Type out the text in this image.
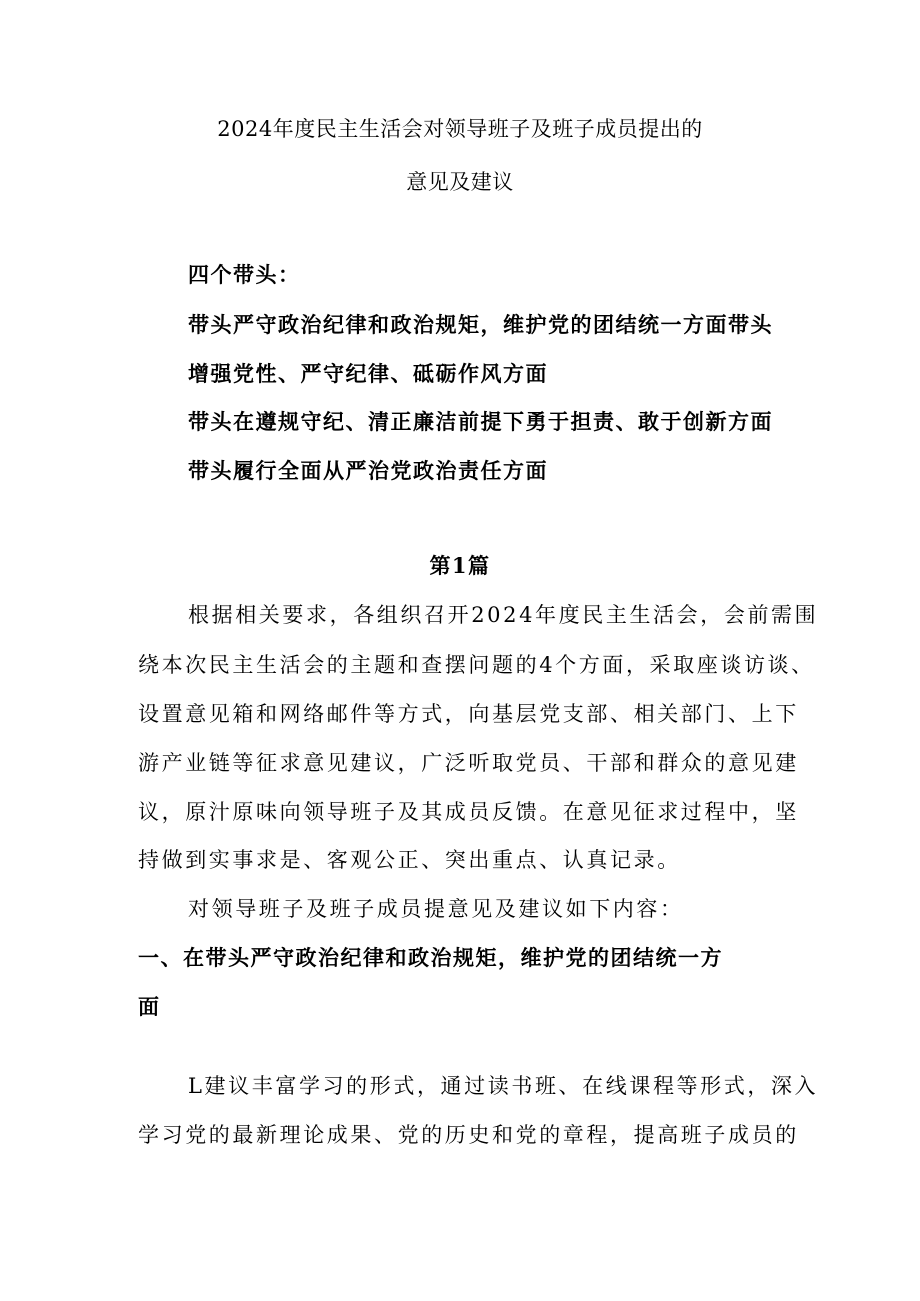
2024年度民主生活会对领导班子及班子成员提出的
意见及建议
四个带头：
带头严守政治纪律和政治规矩，维护党的团结统一方面带头
增强党性、严守纪律、砥砺作风方面
带头在遵规守纪、清正廉洁前提下勇于担责、敢于创新方面
带头履行全面从严治党政治责任方面
第1篇
根据相关要求，各组织召开2024年度民主生活会，会前需围
绕本次民主生活会的主题和查摆问题的4个方面，采取座谈访谈、
设置意见箱和网络邮件等方式，向基层党支部、相关部门、上下
游产业链等征求意见建议，广泛听取党员、干部和群众的意见建
议，原汁原味向领导班子及其成员反馈。在意见征求过程中，坚
持做到实事求是、客观公正、突出重点、认真记录。
对领导班子及班子成员提意见及建议如下内容：
一、在带头严守政治纪律和政治规矩，维护党的团结统一方
面
L建议丰富学习的形式，通过读书班、在线课程等形式，深入
学习党的最新理论成果、党的历史和党的章程，提高班子成员的
